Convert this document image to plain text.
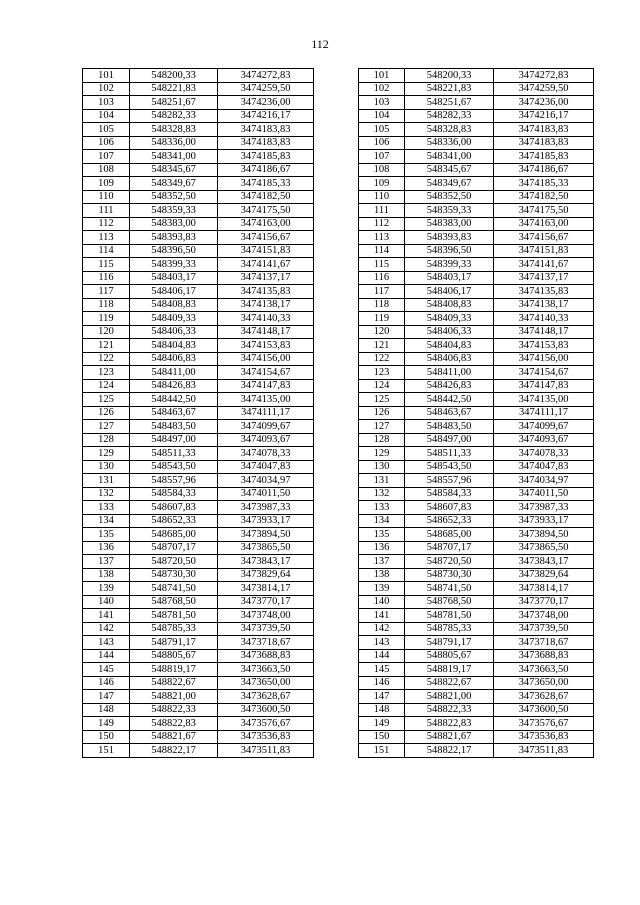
112
101	548200,33	3474272,83
102	548221,83	3474259,50
103	548251,67	3474236,00
104	548282,33	3474216,17
105	548328,83	3474183,83
106	548336,00	3474183,83
107	548341,00	3474185,83
108	548345,67	3474186,67
109	548349,67	3474185,33
110	548352,50	3474182,50
111	548359,33	3474175,50
112	548383,00	3474163,00
113	548393,83	3474156,67
114	548396,50	3474151,83
115	548399,33	3474141,67
116	548403,17	3474137,17
117	548406,17	3474135,83
118	548408,83	3474138,17
119	548409,33	3474140,33
120	548406,33	3474148,17
121	548404,83	3474153,83
122	548406,83	3474156,00
123	548411,00	3474154,67
124	548426,83	3474147,83
125	548442,50	3474135,00
126	548463,67	3474111,17
127	548483,50	3474099,67
128	548497,00	3474093,67
129	548511,33	3474078,33
130	548543,50	3474047,83
131	548557,96	3474034,97
132	548584,33	3474011,50
133	548607,83	3473987,33
134	548652,33	3473933,17
135	548685,00	3473894,50
136	548707,17	3473865,50
137	548720,50	3473843,17
138	548730,30	3473829,64
139	548741,50	3473814,17
140	548768,50	3473770,17
141	548781,50	3473748,00
142	548785,33	3473739,50
143	548791,17	3473718,67
144	548805,67	3473688,83
145	548819,17	3473663,50
146	548822,67	3473650,00
147	548821,00	3473628,67
148	548822,33	3473600,50
149	548822,83	3473576,67
150	548821,67	3473536,83
151	548822,17	3473511,83
101	548200,33	3474272,83
102	548221,83	3474259,50
103	548251,67	3474236,00
104	548282,33	3474216,17
105	548328,83	3474183,83
106	548336,00	3474183,83
107	548341,00	3474185,83
108	548345,67	3474186,67
109	548349,67	3474185,33
110	548352,50	3474182,50
111	548359,33	3474175,50
112	548383,00	3474163,00
113	548393,83	3474156,67
114	548396,50	3474151,83
115	548399,33	3474141,67
116	548403,17	3474137,17
117	548406,17	3474135,83
118	548408,83	3474138,17
119	548409,33	3474140,33
120	548406,33	3474148,17
121	548404,83	3474153,83
122	548406,83	3474156,00
123	548411,00	3474154,67
124	548426,83	3474147,83
125	548442,50	3474135,00
126	548463,67	3474111,17
127	548483,50	3474099,67
128	548497,00	3474093,67
129	548511,33	3474078,33
130	548543,50	3474047,83
131	548557,96	3474034,97
132	548584,33	3474011,50
133	548607,83	3473987,33
134	548652,33	3473933,17
135	548685,00	3473894,50
136	548707,17	3473865,50
137	548720,50	3473843,17
138	548730,30	3473829,64
139	548741,50	3473814,17
140	548768,50	3473770,17
141	548781,50	3473748,00
142	548785,33	3473739,50
143	548791,17	3473718,67
144	548805,67	3473688,83
145	548819,17	3473663,50
146	548822,67	3473650,00
147	548821,00	3473628,67
148	548822,33	3473600,50
149	548822,83	3473576,67
150	548821,67	3473536,83
151	548822,17	3473511,83
